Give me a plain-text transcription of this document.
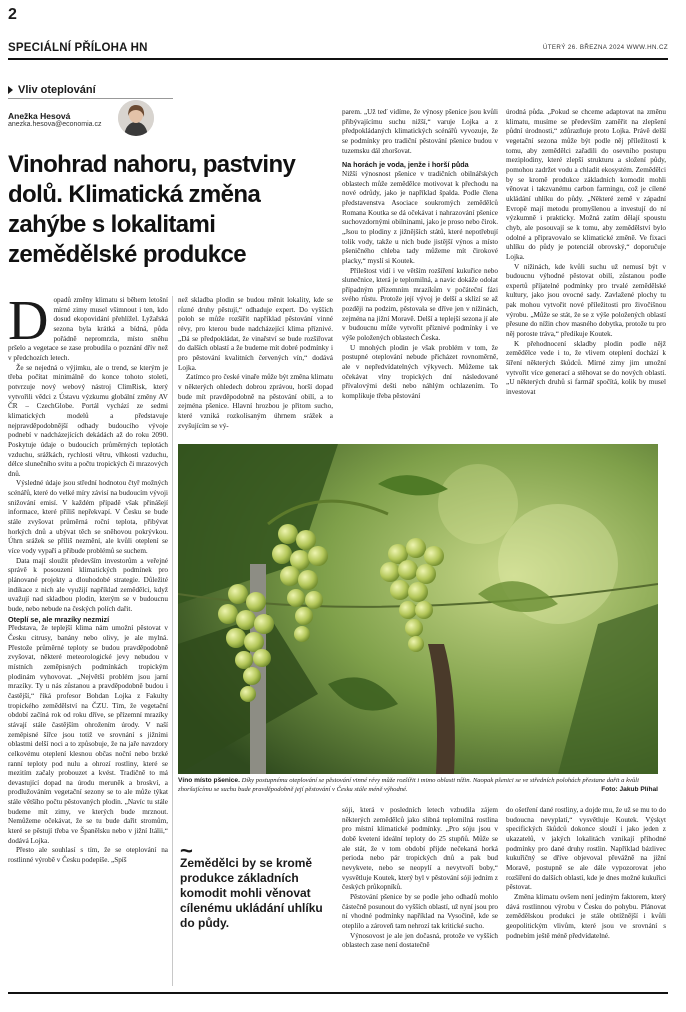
2
SPECIÁLNÍ PŘÍLOHA HN	ÚTERÝ 26. BŘEZNA 2024 WWW.HN.CZ
Vliv oteplování
Anežka Hesová
anezka.hesova@economia.cz
Vinohrad nahoru, pastviny dolů. Klimatická změna zahýbe s lokalitami zemědělské produkce

Dopadů změny klimatu si během letošní mírné zimy musel všimnout i ten, kdo dosud ekopovidání přehlížel. Lyžařská sezona byla krátká a bídná, půda pořádně nepromrzla, místo sněhu pršelo a vegetace se zase probudila o poznání dřív než v předchozích letech.

Že se nejedná o výjimku, ale o trend, se kterým je třeba počítat minimálně do konce tohoto století, potvrzuje nový webový nástroj ClimRisk, který vytvořili vědci z Ústavu výzkumu globální změny AV ČR – CzechGlobe. Portál vychází ze sedmi klimatických modelů a představuje nejpravděpodobnější odhady budoucího vývoje podnebí v nadcházejících dekádách až do roku 2090. Poskytuje údaje o budoucích průměrných teplotách vzduchu, srážkách, rychlosti větru, vlhkosti vzduchu, délce slunečního svitu a počtu tropických či mrazových dnů.

Výsledné údaje jsou střední hodnotou čtyř možných scénářů, které do velké míry závisí na budoucím vývoji snižování emisí. V každém případě však přinášejí informace, které příliš nepřekvapí. V Česku se bude stále zvyšovat průměrná roční teplota, přibývat horkých dnů a ubývat těch se sněhovou pokrývkou. Úhrn srážek se příliš nezmění, ale kvůli oteplení se více vody vypaří a přibude problémů se suchem.

Data mají sloužit především investorům a veřejné správě k posouzení klimatických podmínek pro plánované projekty a dlouhodobé strategie. Důležité indikace z nich ale využijí například zemědělci, když uvažují nad skladbou plodin, kterým se v budoucnu bude, nebo nebude na českých polích dařit.

Oteplí se, ale mrazíky nezmizí

Představa, že teplejší klima nám umožní pěstovat v Česku citrusy, banány nebo olivy, je ale mylná. Přestože průměrné teploty se budou pravděpodobně zvyšovat, některé meteorologické jevy nebudou v místních zeměpisných podmínkách tropickým plodinám vyhovovat. „Největší problém jsou jarní mrazíky. Ty u nás zůstanou a pravděpodobně budou i častější,“ říká profesor Bohdan Lojka z Fakulty tropického zemědělství na ČZU. Tím, že vegetační období začíná rok od roku dříve, se přízemní mrazíky stávají stále častějším ohrožením úrody. V naší zeměpisné šířce jsou totiž ve srovnání s jižními oblastmi delší noci a to způsobuje, že na jaře navzdory celkovému oteplení klesnou občas noční nebo brzké ranní teploty pod nulu a ohrozí rostliny, které se mezitím začaly probouzet a kvést. Tradičně to má devastující dopad na úrodu meruněk a broskví, a prodlužováním vegetační sezony se to ale může týkat stále většího počtu pěstovaných plodin. „Navíc tu stále budeme mít zimy, ve kterých bude mrznout. Nemůžeme očekávat, že se tu bude dařit stromům, které se pěstují třeba ve Španělsku nebo v jižní Itálii,“ dodává Lojka.

Přesto ale souhlasí s tím, že se oteplování na rostlinné výrobě v Česku podepíše. „Spíš

než skladba plodin se budou měnit lokality, kde se různé druhy pěstují,“ odhaduje expert. Do vyšších poloh se může rozšířit například pěstování vinné révy, pro kterou bude nadcházející klima příznivé. „Dá se předpokládat, že vinařství se bude rozšiřovat do dalších oblastí a že budeme mít dobré podmínky i pro pěstování kvalitních červených vín,“ dodává Lojka.

Zatímco pro české vinaře může být změna klimatu v některých ohledech dobrou zprávou, horší dopad bude mít pravděpodobně na pěstování obilí, a to zejména pšenice. Hlavní hrozbou je přitom sucho, které vzniká rozkolísaným úhrnem srážek a zvyšujícím se vý-

parem. „Už teď vidíme, že výnosy pšenice jsou kvůli přibývajícímu suchu nižší,“ varuje Lojka a z předpokládaných klimatických scénářů vyvozuje, že se podmínky pro tradiční pěstování pšenice budou v tuzemsku dál zhoršovat.

Na horách je voda, jenže i horší půda

Nižší výnosnost pšenice v tradičních obilnářských oblastech může zemědělce motivovat k přechodu na nové odrůdy, jako je například špalda. Podle člena představenstva Asociace soukromých zemědělců Romana Koutka se dá očekávat i nahrazování pšenice suchovzdornými obilninami, jako je proso nebo čirok. „Jsou to plodiny z jižnějších států, které nepotřebují tolik vody, takže u nich bude jistější výnos a místo pšeničného chleba tady můžeme mít čirokové placky,“ myslí si Koutek.

Přileštost vidí i ve větším rozšíření kukuřice nebo slunečnice, která je teplomilná, a navíc dokáže odolat případným přízemním mrazíkům v počáteční fázi svého růstu. Protože její vývoj je delší a sklízí se až později na podzim, pěstovala se dříve jen v nížinách, zejména na jižní Moravě. Delší a teplejší sezona jí ale v budoucnu může vytvořit příznivé podmínky i ve výše položených oblastech Česka.

U mnohých plodin je však problém v tom, že postupné oteplování nebude přicházet rovnoměrně, ale v nepředvídatelných výkyvech. Můžeme tak očekávat vlny tropických dní následované přívalovými dešti nebo náhlým ochlazením. To komplikuje třeba pěstování

úrodná půda. „Pokud se chceme adaptovat na změnu klimatu, musíme se především zaměřit na zlepšení půdní úrodnosti,“ zdůrazňuje proto Lojka. Právě delší vegetační sezona může být podle něj příležitostí k tomu, aby zemědělci zařadili do osevního postupu meziplodiny, které zlepší strukturu a složení půdy, pomohou zadržet vodu a chladit ekosystém. Zemědělci by se kromě produkce základních komodit mohli věnovat i takzvanému carbon farmingu, což je cílené ukládání uhlíku do půdy. „Některé země v západní Evropě mají metodu promyšlenou a investují do ní výzkumně i prakticky. Možná zatím dělají spoustu chyb, ale posouvají se k tomu, aby zemědělství bylo odolné a připravovalo se klimatické změně. Ve fixaci uhlíku do půdy je potenciál obrovský,“ doporučuje Lojka.

V nížinách, kde kvůli suchu už nemusí být v budoucnu výhodné pěstovat obilí, zůstanou podle expertů příjatelné podmínky pro trvalé zemědělské kultury, jako jsou ovocné sady. Zavlažené plochy tu pak mohou vytvořit nové příležitosti pro živočišnou výrobu. „Může se stát, že se z výše položených oblastí přesune do nížin chov masného dobytka, protože tu pro něj poroste tráva,“ předikuje Koutek.

K přehodnocení skladby plodin podle nějž zemědělce vede i to, že vlivem oteplení dochází k šíření některých škůdců. Mírné zimy jim umožní vytvořit více generací a stěhovat se do nových oblastí. „U některých druhů si farmář spočítá, kolik by musel investovat

Víno místo pšenice. Díky postupnému oteplování se pěstování vinné révy může rozšířit i mimo oblasti nížin. Naopak pšenici se ve středních polohách přestane dařit a kvůli zhoršujícímu se suchu bude pravděpodobně její pěstování v Česku stále méně výhodné.	Foto: Jakub Plíhal
~
Zemědělci by se kromě produkce základních komodit mohli věnovat cílenému ukládání uhlíku do půdy.

sóji, která v posledních letech vzbudila zájem některých zemědělců jako slibná teplomilná rostlina pro místní klimatické podmínky. „Pro sóju jsou v době kvetení ideální teploty do 25 stupňů. Může se ale stát, že v tom období přijde nečekaná horká perioda nebo pár tropických dnů a pak bud nevykvete, nebo se neopylí a nevytvoří boby,“ vysvětluje Koutek, který byl v pěstování sóji jedním z českých průkopníků.

Pěstování pšenice by se podle jeho odhadů mohlo částečně posunout do vyšších oblastí, už nyní jsou pro ní vhodné podmínky například na Vysočině, kde se oteplilo a zároveň tam nehrozí tak kritické sucho.

Výnosovost je ale jen dočasná, protože ve vyšších oblastech zase není dostatečně

do ošetření dané rostliny, a dojde mu, že už se mu to do budoucna nevyplatí,“ vysvětluje Koutek. Výskyt specifických škůdců dokonce slouží i jako jeden z ukazatelů, v jakých lokalitách vznikají příhodné podmínky pro dané druhy rostlin. Například bázlivec kukuřičný se dříve objevoval převážně na jižní Moravě, postupně se ale dále vypozorovat jeho rozšíření do dalších oblastí, kde je dnes možné kukuřici pěstovat.

Změna klimatu ovšem není jediným faktorem, který dává rostlinnou výrobu v Česku do pohybu. Plánovat zemědělskou produkci je stále obtížnější i kvůli geopolitickým vlivům, které jsou ve srovnání s podnebím ještě méně předvídatelné.
